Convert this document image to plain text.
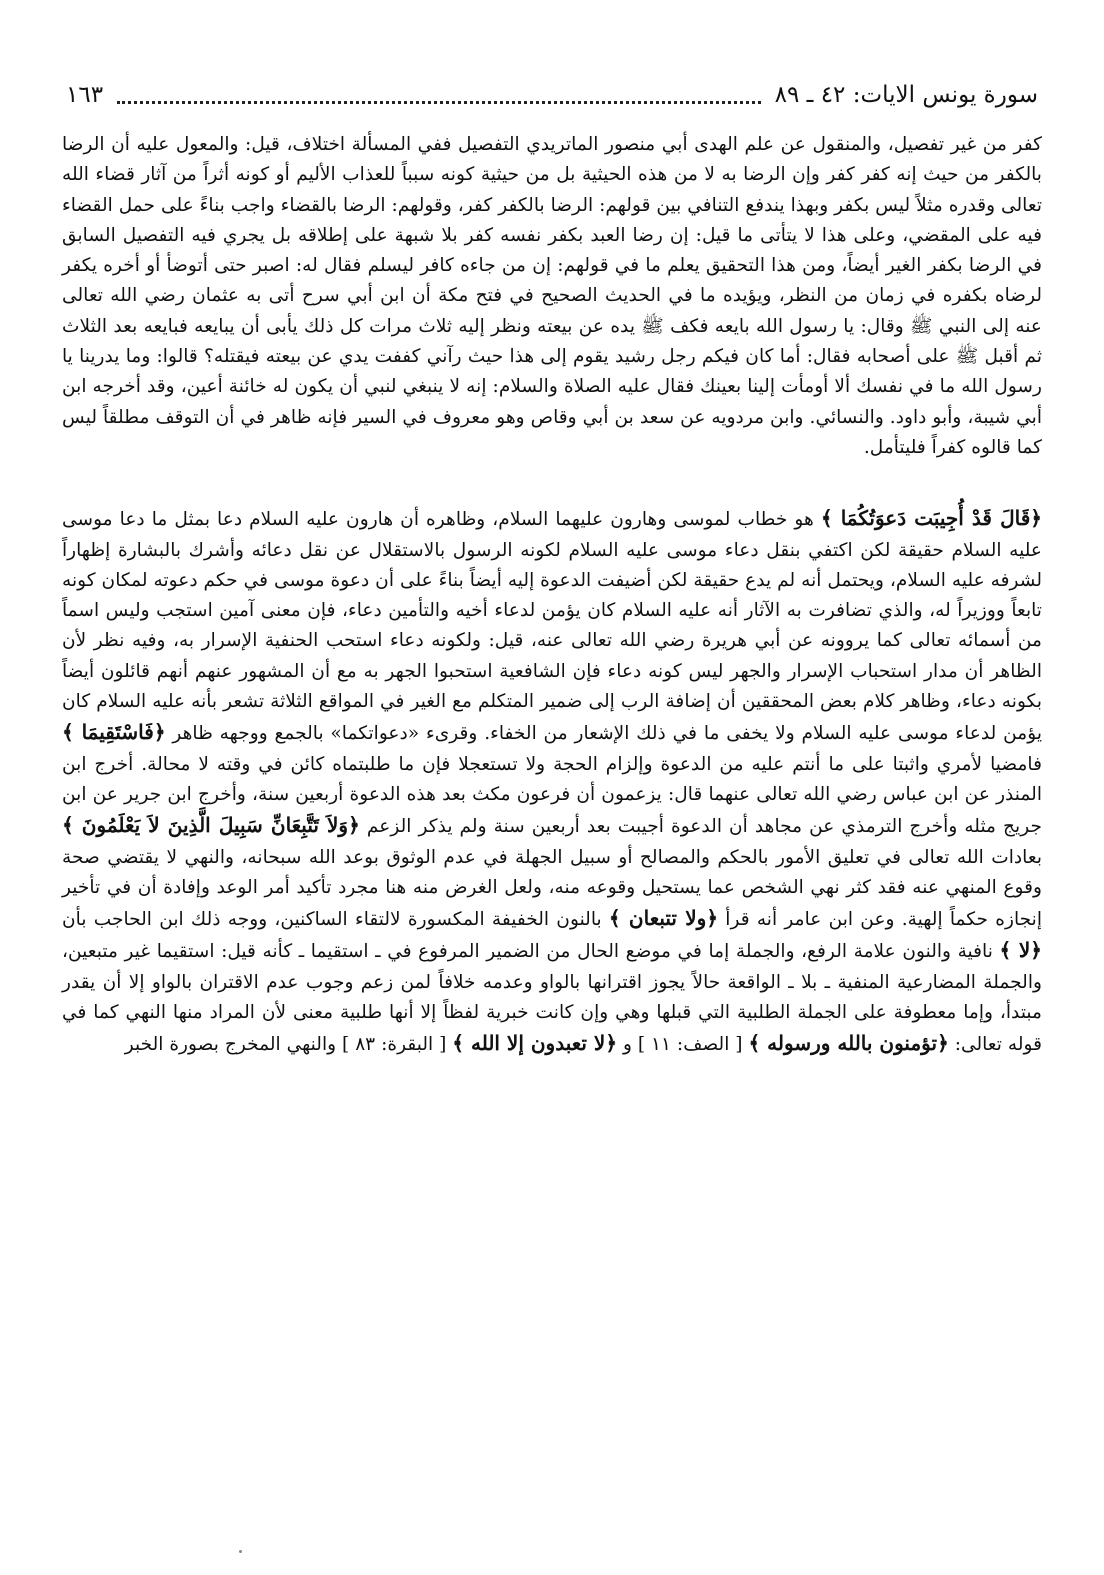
سورة يونس الايات: ٤٢ ـ ٨٩
١٦٣

كفر من غير تفصيل، والمنقول عن علم الهدى أبي منصور الماتريدي التفصيل ففي المسألة اختلاف، قيل: والمعول عليه أن الرضا بالكفر من حيث إنه كفر كفر وإن الرضا به لا من هذه الحيثية بل من حيثية كونه سبباً للعذاب الأليم أو كونه أثراً من آثار قضاء الله تعالى وقدره مثلاً ليس بكفر وبهذا يندفع التنافي بين قولهم: الرضا بالكفر كفر، وقولهم: الرضا بالقضاء واجب بناءً على حمل القضاء فيه على المقضي، وعلى هذا لا يتأتى ما قيل: إن رضا العبد بكفر نفسه كفر بلا شبهة على إطلاقه بل يجري فيه التفصيل السابق في الرضا بكفر الغير أيضاً، ومن هذا التحقيق يعلم ما في قولهم: إن من جاءه كافر ليسلم فقال له: اصبر حتى أتوضأ أو أخره يكفر لرضاه بكفره في زمان من النظر، ويؤيده ما في الحديث الصحيح في فتح مكة أن ابن أبي سرح أتى به عثمان رضي الله تعالى عنه إلى النبي ﷺ وقال: يا رسول الله بايعه فكف ﷺ يده عن بيعته ونظر إليه ثلاث مرات كل ذلك يأبى أن يبايعه فبايعه بعد الثلاث ثم أقبل ﷺ على أصحابه فقال: أما كان فيكم رجل رشيد يقوم إلى هذا حيث رآني كففت يدي عن بيعته فيقتله؟ قالوا: وما يدرينا يا رسول الله ما في نفسك ألا أومأت إلينا بعينك فقال عليه الصلاة والسلام: إنه لا ينبغي لنبي أن يكون له خائنة أعين، وقد أخرجه ابن أبي شيبة، وأبو داود. والنسائي. وابن مردويه عن سعد بن أبي وقاص وهو معروف في السير فإنه ظاهر في أن التوقف مطلقاً ليس كما قالوه كفراً فليتأمل.

﴿قَالَ قَدْ أُجِيبَت دَعوَتُكُمَا ﴾ هو خطاب لموسى وهارون عليهما السلام، وظاهره أن هارون عليه السلام دعا بمثل ما دعا موسى عليه السلام حقيقة لكن اكتفي بنقل دعاء موسى عليه السلام لكونه الرسول بالاستقلال عن نقل دعائه وأشرك بالبشارة إظهاراً لشرفه عليه السلام، ويحتمل أنه لم يدع حقيقة لكن أضيفت الدعوة إليه أيضاً بناءً على أن دعوة موسى في حكم دعوته لمكان كونه تابعاً ووزيراً له، والذي تضافرت به الآثار أنه عليه السلام كان يؤمن لدعاء أخيه والتأمين دعاء، فإن معنى آمين استجب وليس اسماً من أسمائه تعالى كما يروونه عن أبي هريرة رضي الله تعالى عنه، قيل: ولكونه دعاء استحب الحنفية الإسرار به، وفيه نظر لأن الظاهر أن مدار استحباب الإسرار والجهر ليس كونه دعاء فإن الشافعية استحبوا الجهر به مع أن المشهور عنهم أنهم قائلون أيضاً بكونه دعاء، وظاهر كلام بعض المحققين أن إضافة الرب إلى ضمير المتكلم مع الغير في المواقع الثلاثة تشعر بأنه عليه السلام كان يؤمن لدعاء موسى عليه السلام ولا يخفى ما في ذلك الإشعار من الخفاء. وقرىء «دعواتكما» بالجمع ووجهه ظاهر ﴿فَاسْتَقِيمَا ﴾ فامضيا لأمري واثبتا على ما أنتم عليه من الدعوة وإلزام الحجة ولا تستعجلا فإن ما طلبتماه كائن في وقته لا محالة. أخرج ابن المنذر عن ابن عباس رضي الله تعالى عنهما قال: يزعمون أن فرعون مكث بعد هذه الدعوة أربعين سنة، وأخرج ابن جرير عن ابن جريج مثله وأخرج الترمذي عن مجاهد أن الدعوة أجيبت بعد أربعين سنة ولم يذكر الزعم ﴿وَلاَ تَتَّبِعَانِّ سَبِيلَ الَّذِينَ لاَ يَعْلَمُونَ ﴾ بعادات الله تعالى في تعليق الأمور بالحكم والمصالح أو سبيل الجهلة في عدم الوثوق بوعد الله سبحانه، والنهي لا يقتضي صحة وقوع المنهي عنه فقد كثر نهي الشخص عما يستحيل وقوعه منه، ولعل الغرض منه هنا مجرد تأكيد أمر الوعد وإفادة أن في تأخير إنجازه حكماً إلهية. وعن ابن عامر أنه قرأ ﴿ولا تتبعان ﴾ بالنون الخفيفة المكسورة لالتقاء الساكنين، ووجه ذلك ابن الحاجب بأن ﴿لا ﴾ نافية والنون علامة الرفع، والجملة إما في موضع الحال من الضمير المرفوع في ـ استقيما ـ كأنه قيل: استقيما غير متبعين، والجملة المضارعية المنفية ـ بلا ـ الواقعة حالاً يجوز اقترانها بالواو وعدمه خلافاً لمن زعم وجوب عدم الاقتران بالواو إلا أن يقدر مبتدأ، وإما معطوفة على الجملة الطلبية التي قبلها وهي وإن كانت خبرية لفظاً إلا أنها طلبية معنى لأن المراد منها النهي كما في قوله تعالى: ﴿تؤمنون بالله ورسوله ﴾ [ الصف: ١١ ] و ﴿لا تعبدون إلا الله ﴾ [ البقرة: ٨٣ ] والنهي المخرج بصورة الخبر
